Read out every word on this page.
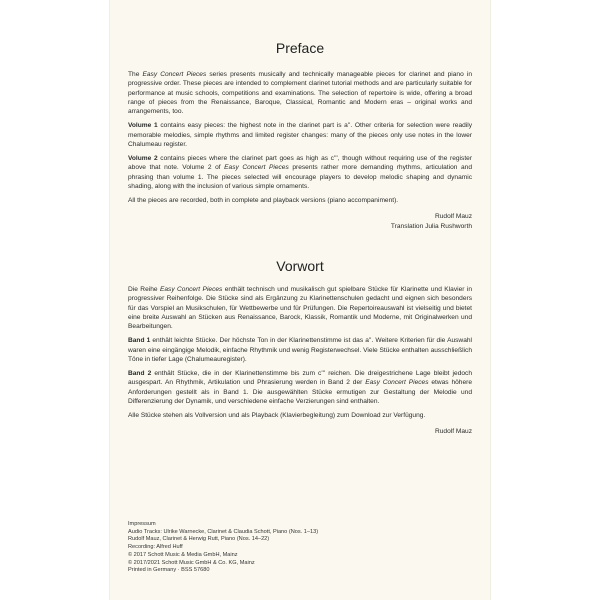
Preface

The Easy Concert Pieces series presents musically and technically manageable pieces for clarinet and piano in progressive order. These pieces are intended to complement clarinet tutorial methods and are particularly suitable for performance at music schools, competitions and examinations. The selection of repertoire is wide, offering a broad range of pieces from the Renaissance, Baroque, Classical, Romantic and Modern eras – original works and arrangements, too.

Volume 1 contains easy pieces: the highest note in the clarinet part is a''. Other criteria for selection were readily memorable melodies, simple rhythms and limited register changes: many of the pieces only use notes in the lower Chalumeau register.

Volume 2 contains pieces where the clarinet part goes as high as c''', though without requiring use of the register above that note. Volume 2 of Easy Concert Pieces presents rather more demanding rhythms, articulation and phrasing than volume 1. The pieces selected will encourage players to develop melodic shaping and dynamic shading, along with the inclusion of various simple ornaments.

All the pieces are recorded, both in complete and playback versions (piano accompaniment).

Rudolf Mauz

Translation Julia Rushworth

Vorwort

Die Reihe Easy Concert Pieces enthält technisch und musikalisch gut spielbare Stücke für Klarinette und Klavier in progressiver Reihenfolge. Die Stücke sind als Ergänzung zu Klarinettenschulen gedacht und eignen sich besonders für das Vorspiel an Musikschulen, für Wettbewerbe und für Prüfungen. Die Repertoireauswahl ist vielseitig und bietet eine breite Auswahl an Stücken aus Renaissance, Barock, Klassik, Romantik und Moderne, mit Originalwerken und Bearbeitungen.

Band 1 enthält leichte Stücke. Der höchste Ton in der Klarinettenstimme ist das a''. Weitere Kriterien für die Auswahl waren eine eingängige Melodik, einfache Rhythmik und wenig Registerwechsel. Viele Stücke enthalten ausschließlich Töne in tiefer Lage (Chalumeauregister).

Band 2 enthält Stücke, die in der Klarinettenstimme bis zum c''' reichen. Die dreigestrichene Lage bleibt jedoch ausgespart. An Rhythmik, Artikulation und Phrasierung werden in Band 2 der Easy Concert Pieces etwas höhere Anforderungen gestellt als in Band 1. Die ausgewählten Stücke ermutigen zur Gestaltung der Melodie und Differenzierung der Dynamik, und verschiedene einfache Verzierungen sind enthalten.

Alle Stücke stehen als Vollversion und als Playback (Klavierbegleitung) zum Download zur Verfügung.

Rudolf Mauz

Impressum
Audio Tracks: Ulrike Warnecke, Clarinet & Claudia Schott, Piano (Nos. 1–13)
Rudolf Mauz, Clarinet & Herwig Rutt, Piano (Nos. 14–22)
Recording: Alfred Huff
© 2017 Schott Music & Media GmbH, Mainz
© 2017/2021 Schott Music GmbH & Co. KG, Mainz
Printed in Germany · BSS 57680
